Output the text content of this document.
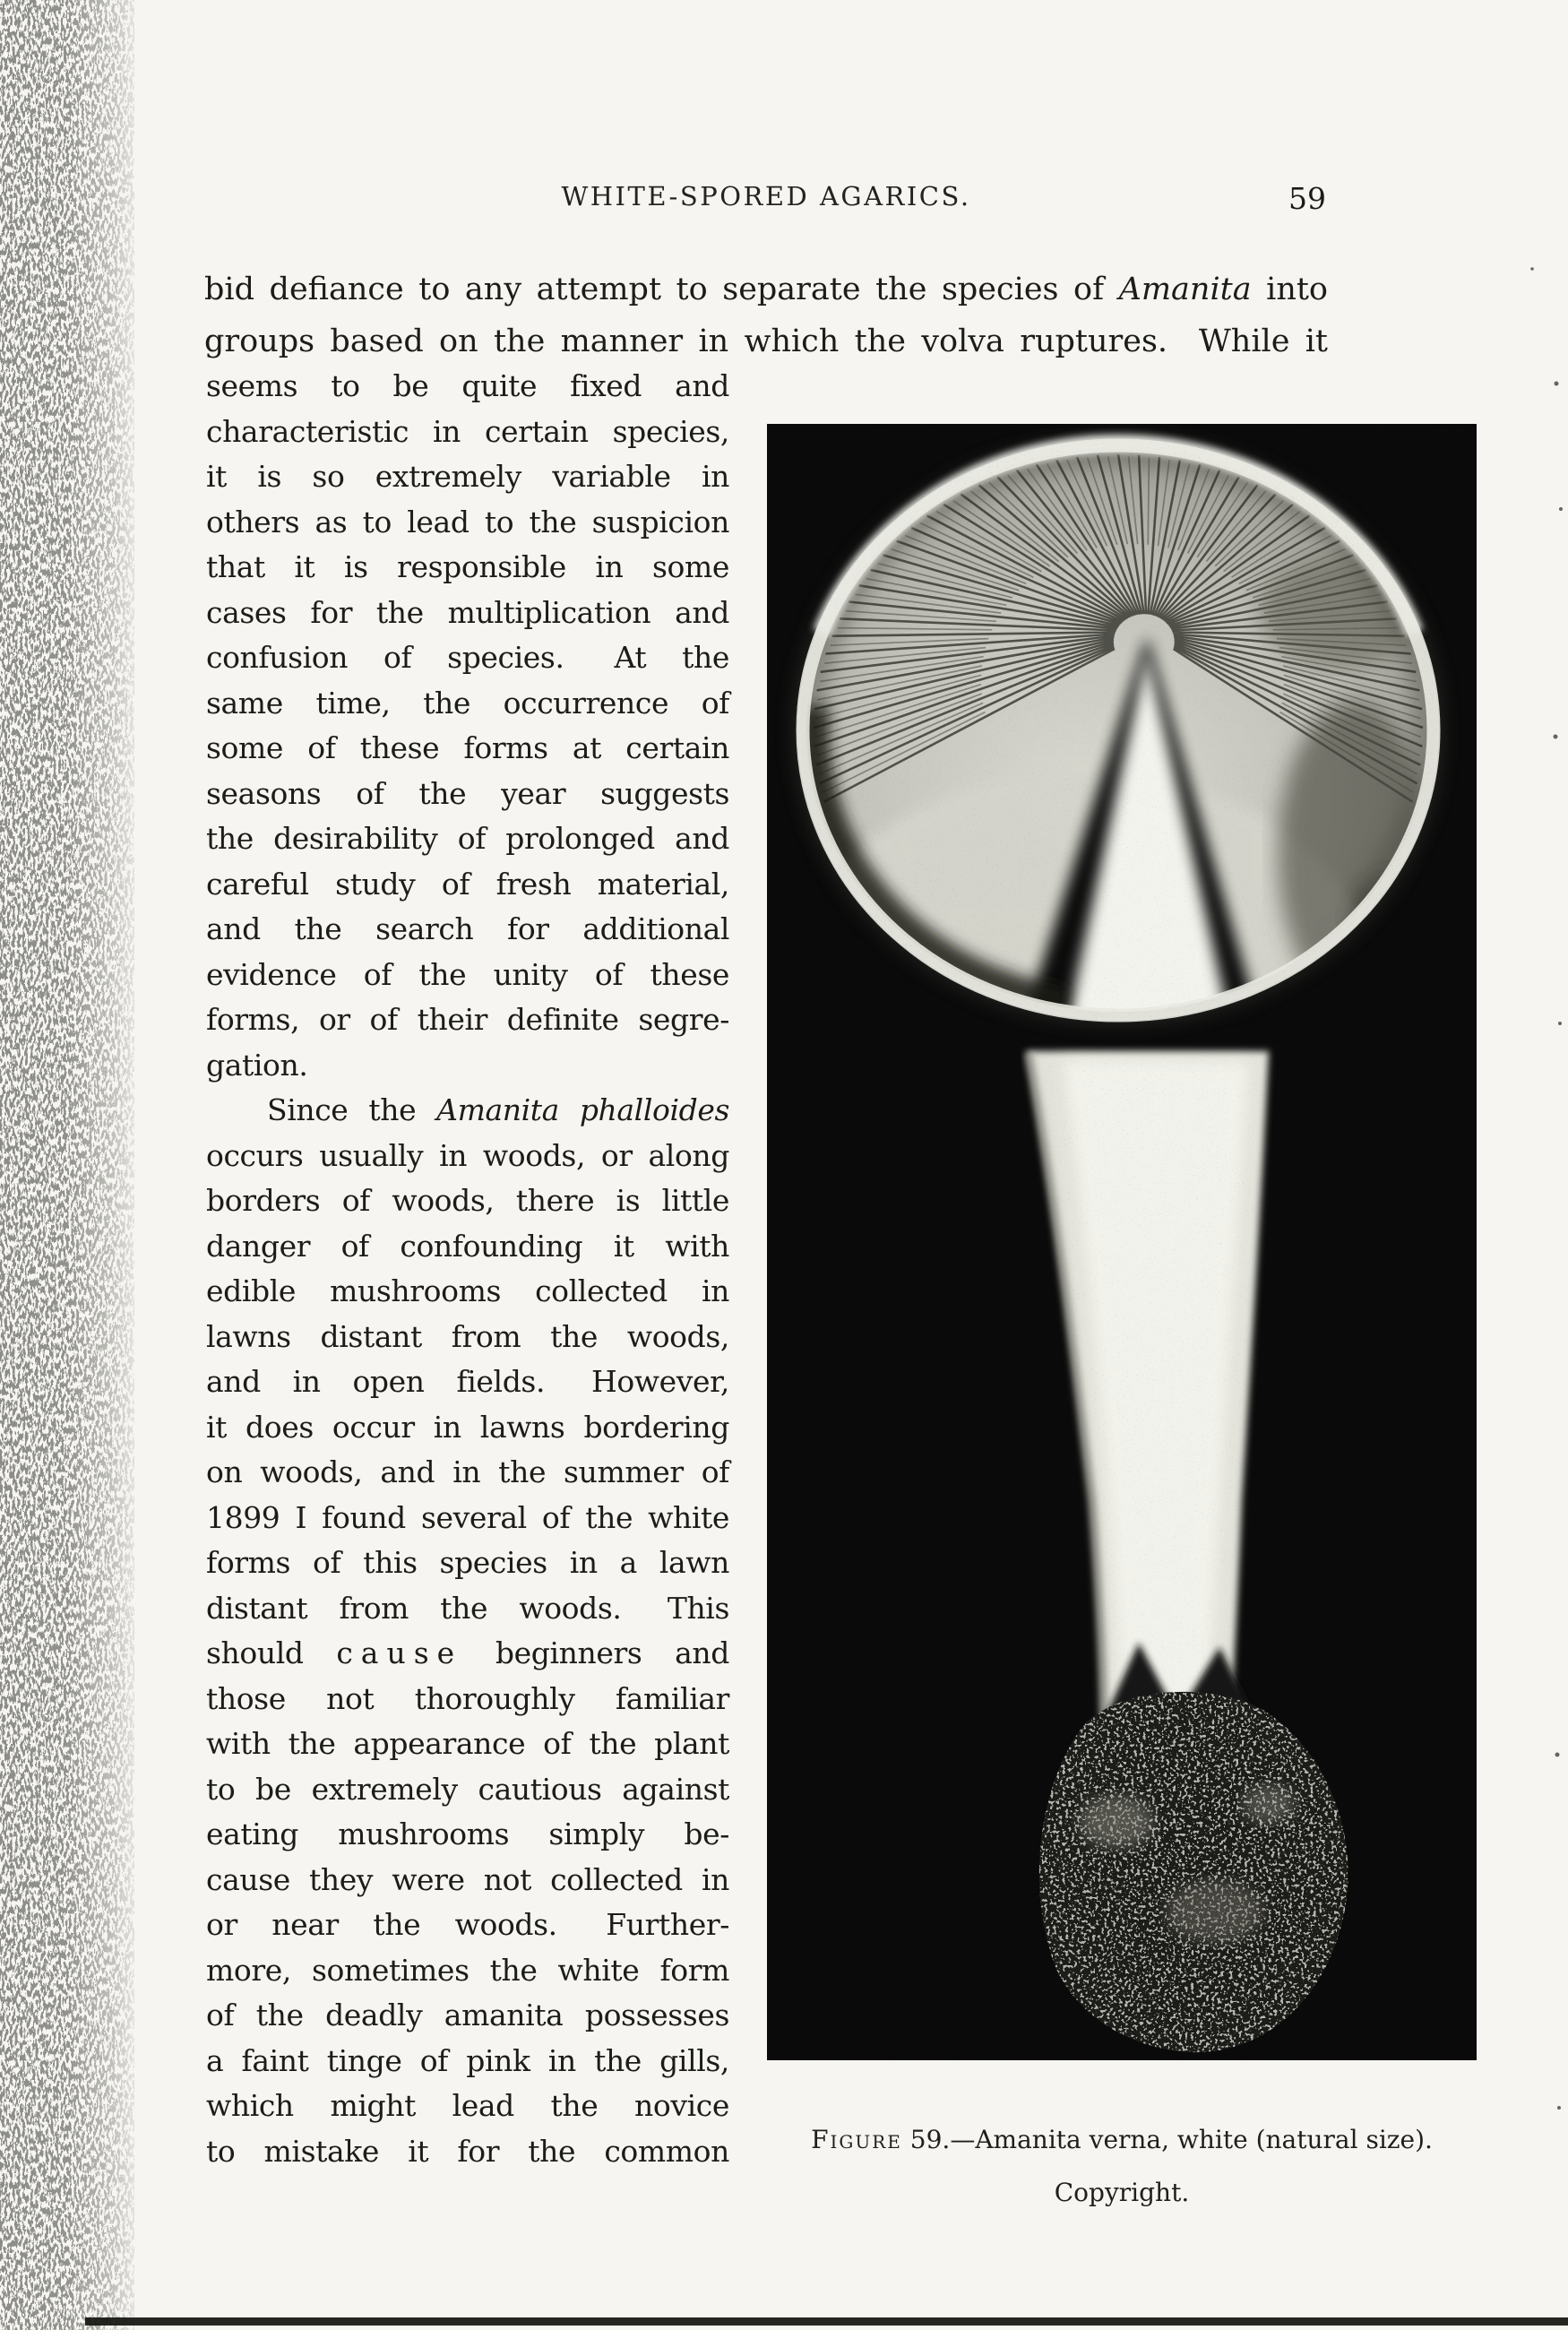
WHITE-SPORED AGARICS.	59
bid defiance to any attempt to separate the species of Amanita into
groups based on the manner in which the volva ruptures.  While it
seems to be quite fixed and
characteristic in certain species,
it is so extremely variable in
others as to lead to the suspicion
that it is responsible in some
cases for the multiplication and
confusion of species.  At the
same time, the occurrence of
some of these forms at certain
seasons of the year suggests
the desirability of prolonged and
careful study of fresh material,
and the search for additional
evidence of the unity of these
forms, or of their definite segre-
gation.
Since the Amanita phalloides
occurs usually in woods, or along
borders of woods, there is little
danger of confounding it with
edible mushrooms collected in
lawns distant from the woods,
and in open fields.  However,
it does occur in lawns bordering
on woods, and in the summer of
1899 I found several of the white
forms of this species in a lawn
distant from the woods.  This
should cause beginners and
those not thoroughly familiar
with the appearance of the plant
to be extremely cautious against
eating mushrooms simply be-
cause they were not collected in
or near the woods.  Further-
more, sometimes the white form
of the deadly amanita possesses
a faint tinge of pink in the gills,
which might lead the novice
to mistake it for the common	Figure 59.—Amanita verna, white (natural size).
Copyright.
